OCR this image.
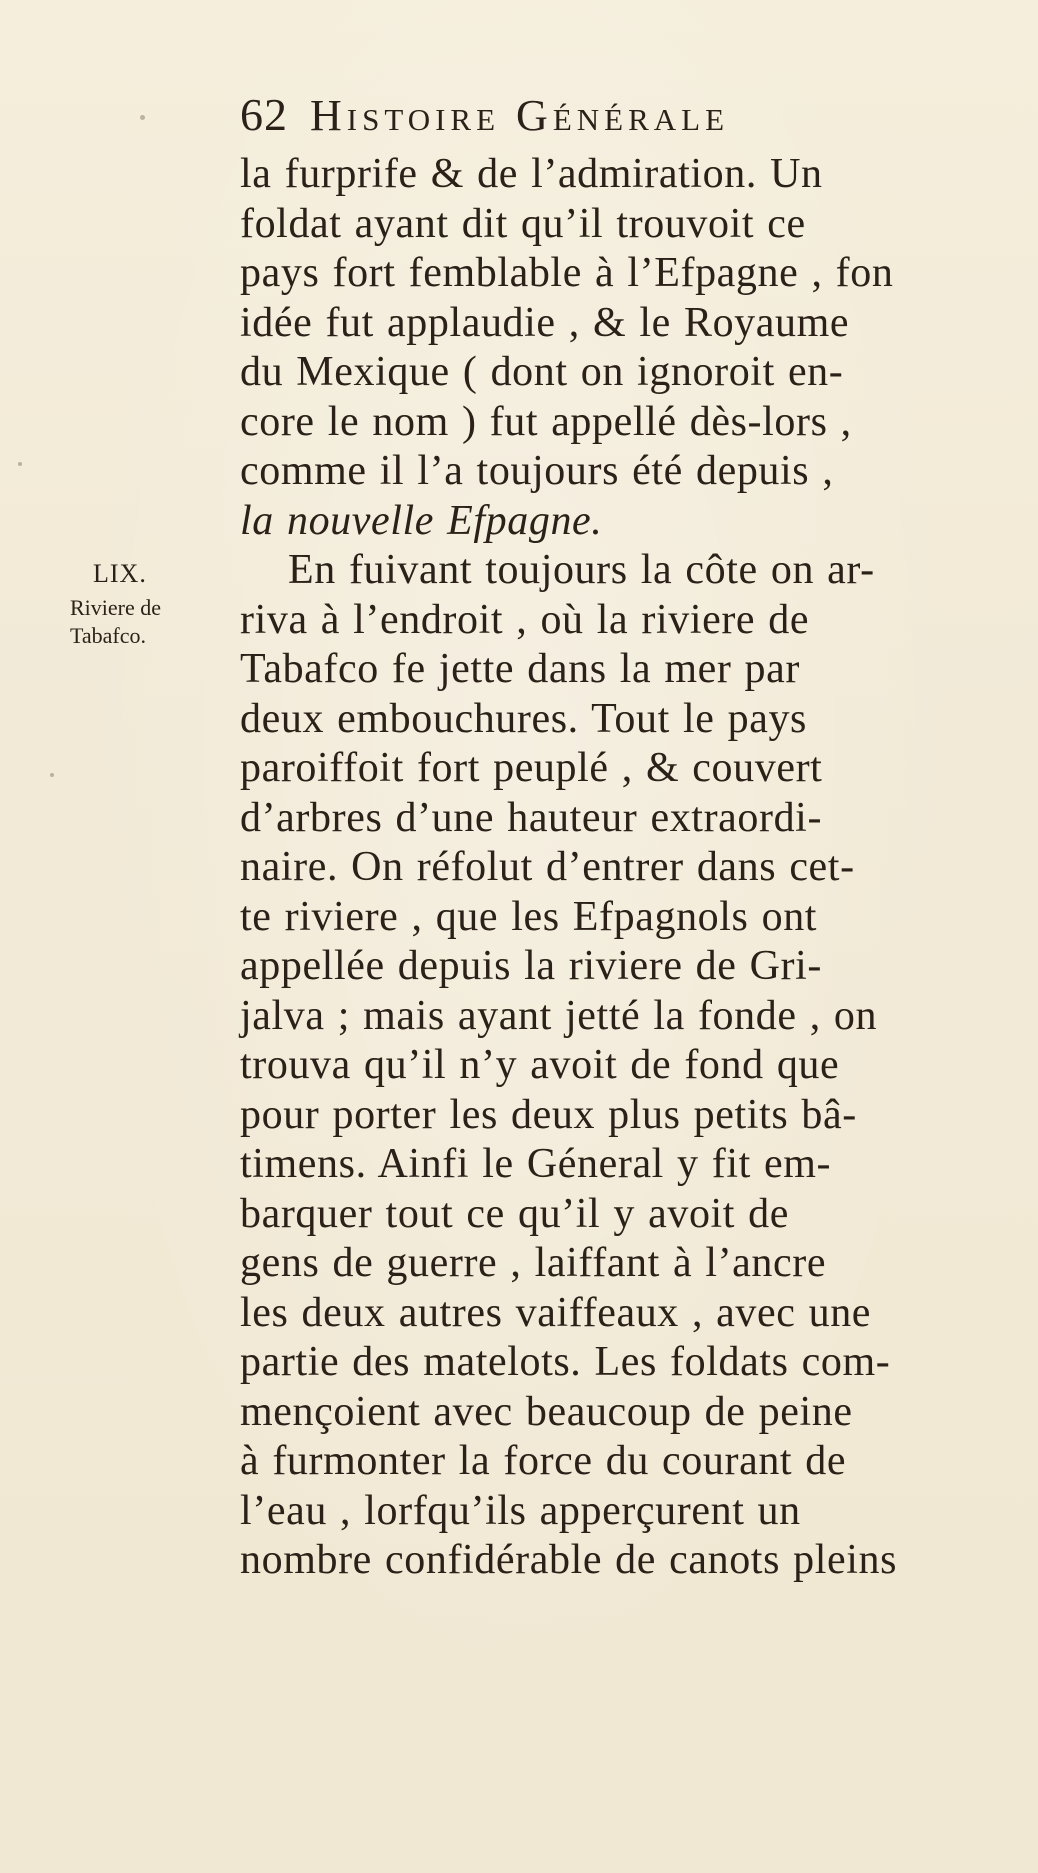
62 Histoire Générale
LIX.
Riviere de
Tabafco.
la furprife & de l’admiration. Un
foldat ayant dit qu’il trouvoit ce
pays fort femblable à l’Efpagne , fon
idée fut applaudie , & le Royaume
du Mexique ( dont on ignoroit en-
core le nom ) fut appellé dès-lors ,
comme il l’a toujours été depuis ,
la nouvelle Efpagne.
En fuivant toujours la côte on ar-
riva à l’endroit , où la riviere de
Tabafco fe jette dans la mer par
deux embouchures. Tout le pays
paroiffoit fort peuplé , & couvert
d’arbres d’une hauteur extraordi-
naire. On réfolut d’entrer dans cet-
te riviere , que les Efpagnols ont
appellée depuis la riviere de Gri-
jalva ; mais ayant jetté la fonde , on
trouva qu’il n’y avoit de fond que
pour porter les deux plus petits bâ-
timens. Ainfi le Géneral y fit em-
barquer tout ce qu’il y avoit de
gens de guerre , laiffant à l’ancre
les deux autres vaiffeaux , avec une
partie des matelots. Les foldats com-
mençoient avec beaucoup de peine
à furmonter la force du courant de
l’eau , lorfqu’ils apperçurent un
nombre confidérable de canots pleins
